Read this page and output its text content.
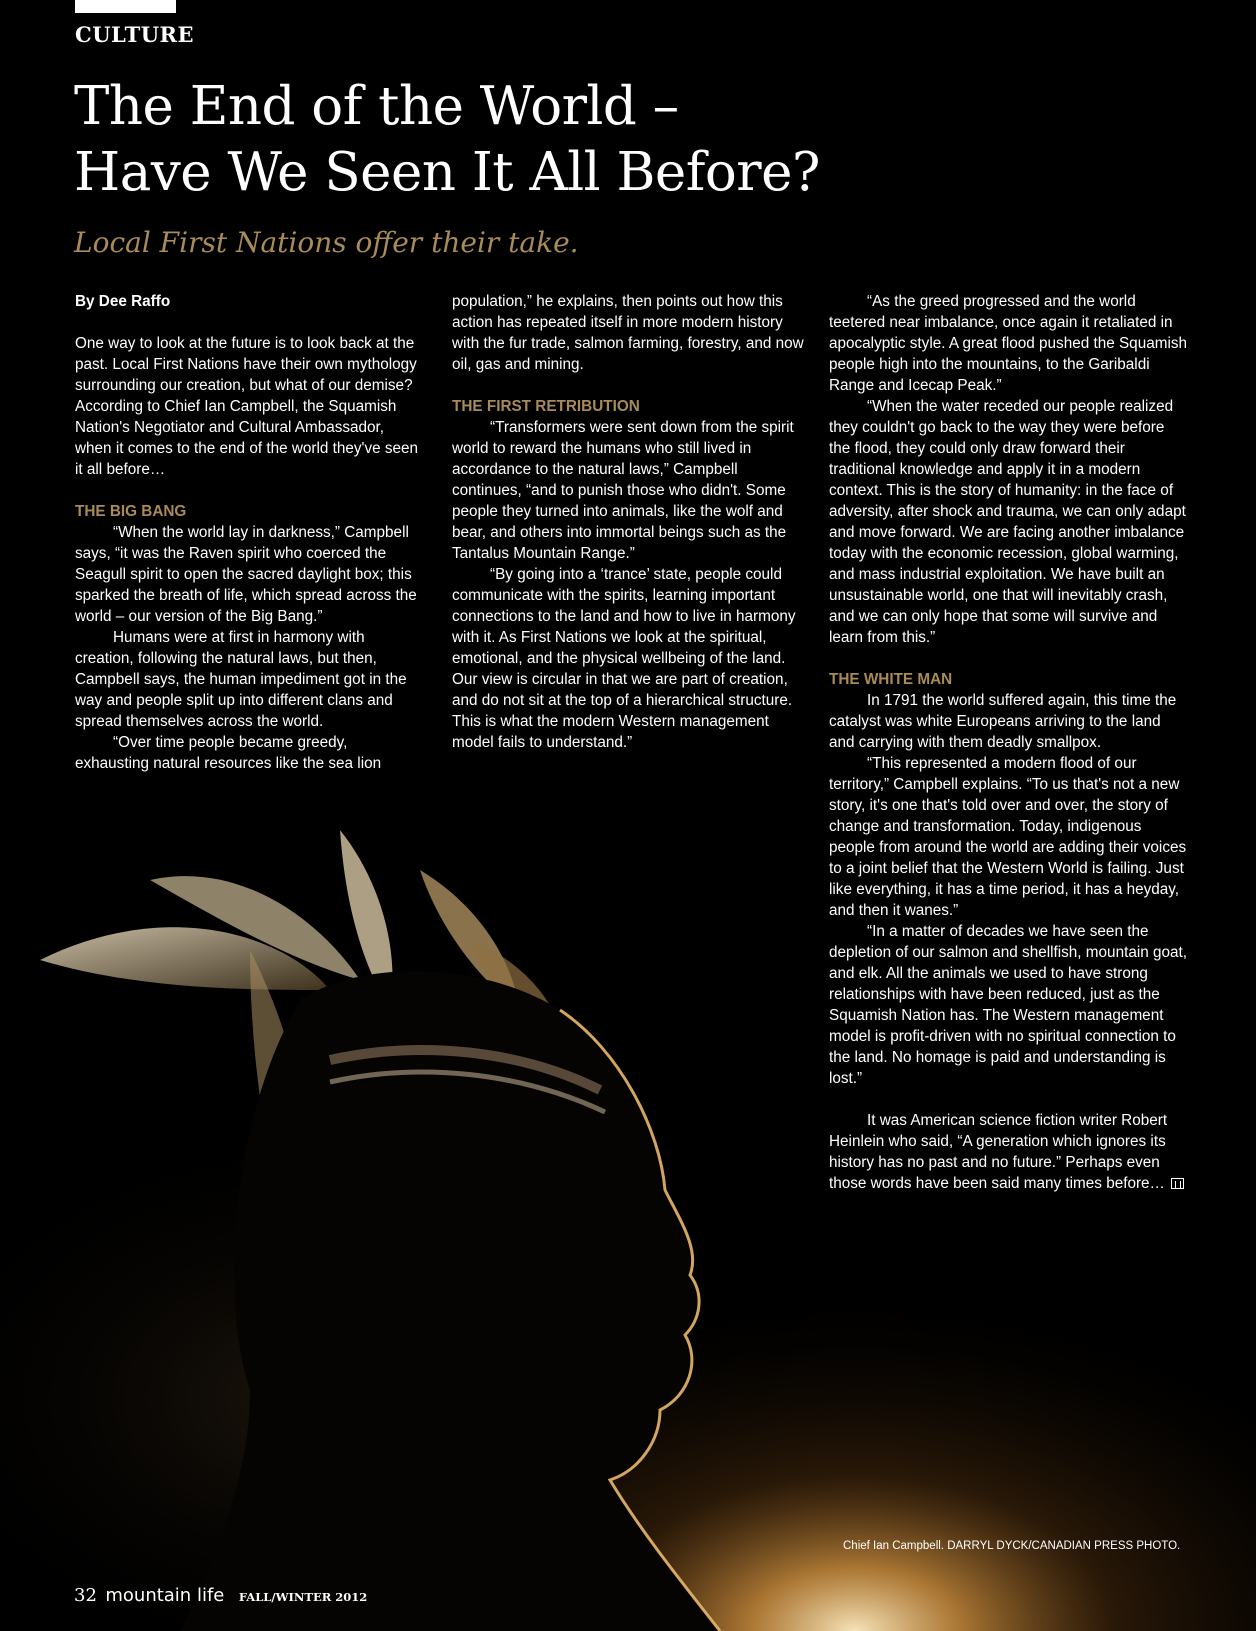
CULTURE
The End of the World –
Have We Seen It All Before?
Local First Nations offer their take.

By Dee Raffo

One way to look at the future is to look back at the past. Local First Nations have their own mythology surrounding our creation, but what of our demise? According to Chief Ian Campbell, the Squamish Nation's Negotiator and Cultural Ambassador, when it comes to the end of the world they've seen it all before…

THE BIG BANG

“When the world lay in darkness,” Campbell says, “it was the Raven spirit who coerced the Seagull spirit to open the sacred daylight box; this sparked the breath of life, which spread across the world – our version of the Big Bang.”

Humans were at first in harmony with creation, following the natural laws, but then, Campbell says, the human impediment got in the way and people split up into different clans and spread themselves across the world.

“Over time people became greedy, exhausting natural resources like the sea lion

population,” he explains, then points out how this action has repeated itself in more modern history with the fur trade, salmon farming, forestry, and now oil, gas and mining.

THE FIRST RETRIBUTION

“Transformers were sent down from the spirit world to reward the humans who still lived in accordance to the natural laws,” Campbell continues, “and to punish those who didn't. Some people they turned into animals, like the wolf and bear, and others into immortal beings such as the Tantalus Mountain Range.”

“By going into a ‘trance’ state, people could communicate with the spirits, learning important connections to the land and how to live in harmony with it. As First Nations we look at the spiritual, emotional, and the physical wellbeing of the land. Our view is circular in that we are part of creation, and do not sit at the top of a hierarchical structure. This is what the modern Western management model fails to understand.”

“As the greed progressed and the world teetered near imbalance, once again it retaliated in apocalyptic style. A great flood pushed the Squamish people high into the mountains, to the Garibaldi Range and Icecap Peak.”

“When the water receded our people realized they couldn't go back to the way they were before the flood, they could only draw forward their traditional knowledge and apply it in a modern context. This is the story of humanity: in the face of adversity, after shock and trauma, we can only adapt and move forward. We are facing another imbalance today with the economic recession, global warming, and mass industrial exploitation. We have built an unsustainable world, one that will inevitably crash, and we can only hope that some will survive and learn from this.”

THE WHITE MAN

In 1791 the world suffered again, this time the catalyst was white Europeans arriving to the land and carrying with them deadly smallpox.

“This represented a modern flood of our territory,” Campbell explains. “To us that's not a new story, it's one that's told over and over, the story of change and transformation. Today, indigenous people from around the world are adding their voices to a joint belief that the Western World is failing. Just like everything, it has a time period, it has a heyday, and then it wanes.”

“In a matter of decades we have seen the depletion of our salmon and shellfish, mountain goat, and elk. All the animals we used to have strong relationships with have been reduced, just as the Squamish Nation has. The Western management model is profit-driven with no spiritual connection to the land. No homage is paid and understanding is lost.”

It was American science fiction writer Robert Heinlein who said, “A generation which ignores its history has no past and no future.” Perhaps even those words have been said many times before…

Chief Ian Campbell. DARRYL DYCK/CANADIAN PRESS PHOTO.
32 mountain life FALL/WINTER 2012
